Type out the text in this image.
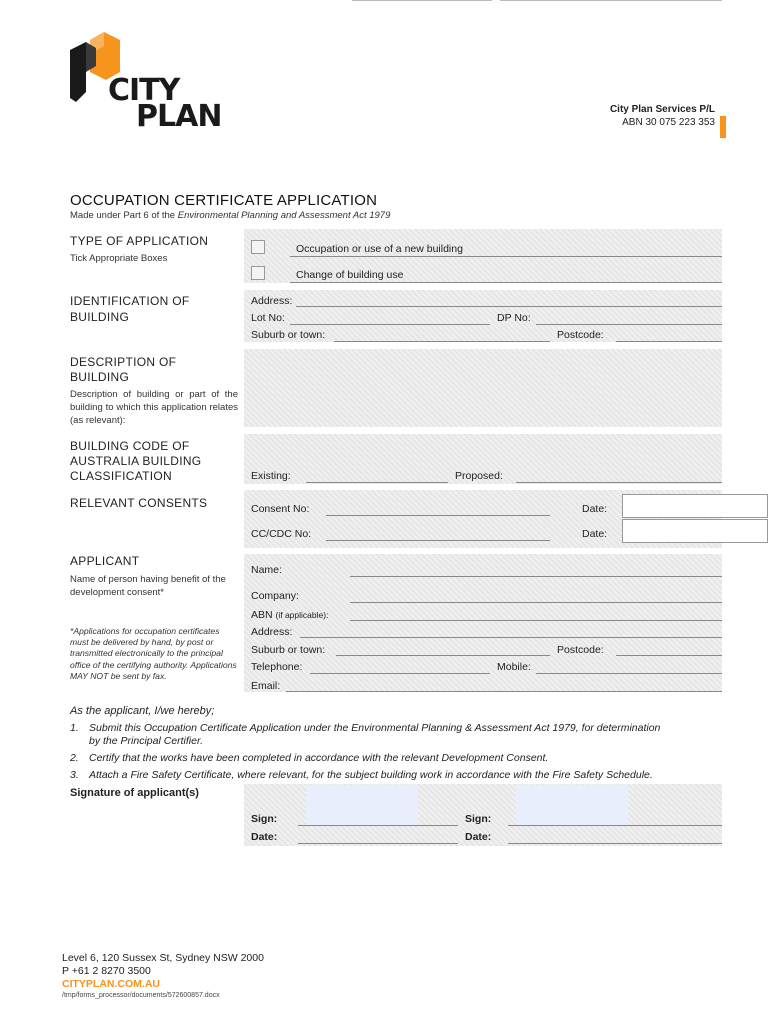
CITY
PLAN	City Plan Services P/L
ABN 30 075 223 353
OCCUPATION CERTIFICATE APPLICATION
Made under Part 6 of the Environmental Planning and Assessment Act 1979
TYPE OF APPLICATION
Tick Appropriate Boxes
Occupation or use of a new building
Change of building use
IDENTIFICATION OF
BUILDING
Address:
Lot No:	DP No:
Suburb or town:	Postcode:
DESCRIPTION OF
BUILDING
Description of building or part of the building to which this application relates (as relevant):
BUILDING CODE OF
AUSTRALIA BUILDING
CLASSIFICATION	Existing:	Proposed:
RELEVANT CONSENTS	Consent No:	Date:
CC/CDC No:	Date:
APPLICANT
Name of person having benefit of the development consent*
*Applications for occupation certificates must be delivered by hand, by post or transmitted electronically to the principal office of the certifying authority. Applications MAY NOT be sent by fax.
Name:
Company:
ABN (if applicable):
Address:
Suburb or town:	Postcode:
Telephone:	Mobile:
Email:
As the applicant, I/we hereby;
1. Submit this Occupation Certificate Application under the Environmental Planning & Assessment Act 1979, for determination
by the Principal Certifier.
2. Certify that the works have been completed in accordance with the relevant Development Consent.
3. Attach a Fire Safety Certificate, where relevant, for the subject building work in accordance with the Fire Safety Schedule.
Signature of applicant(s)
Sign:
Date:
Sign:
Date:
Level 6, 120 Sussex St, Sydney NSW 2000
P +61 2 8270 3500
CITYPLAN.COM.AU
/tmp/forms_processor/documents/572600857.docx
